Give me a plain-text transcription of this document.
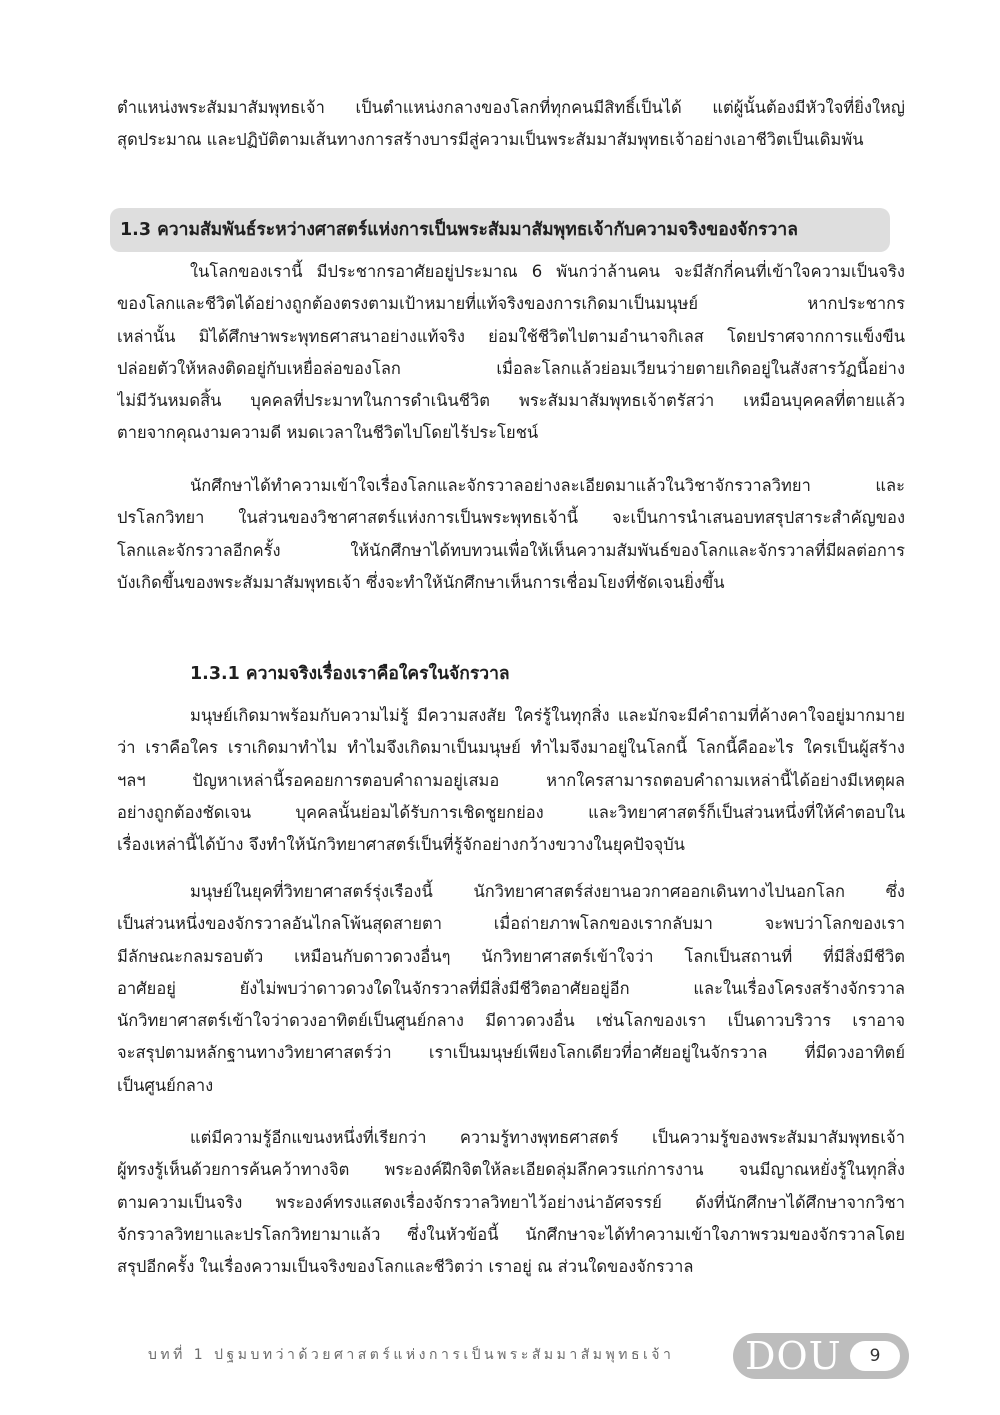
ตำแหน่งพระสัมมาสัมพุทธเจ้า เป็นตำแหน่งกลางของโลกที่ทุกคนมีสิทธิ์เป็นได้ แต่ผู้นั้นต้องมีหัวใจที่ยิ่งใหญ่
สุดประมาณ และปฏิบัติตามเส้นทางการสร้างบารมีสู่ความเป็นพระสัมมาสัมพุทธเจ้าอย่างเอาชีวิตเป็นเดิมพัน
1.3 ความสัมพันธ์ระหว่างศาสตร์แห่งการเป็นพระสัมมาสัมพุทธเจ้ากับความจริงของจักรวาล
ในโลกของเรานี้ มีประชากรอาศัยอยู่ประมาณ 6 พันกว่าล้านคน จะมีสักกี่คนที่เข้าใจความเป็นจริง
ของโลกและชีวิตได้อย่างถูกต้องตรงตามเป้าหมายที่แท้จริงของการเกิดมาเป็นมนุษย์ หากประชากร
เหล่านั้น มิได้ศึกษาพระพุทธศาสนาอย่างแท้จริง ย่อมใช้ชีวิตไปตามอำนาจกิเลส โดยปราศจากการแข็งขืน
ปล่อยตัวให้หลงติดอยู่กับเหยื่อล่อของโลก เมื่อละโลกแล้วย่อมเวียนว่ายตายเกิดอยู่ในสังสารวัฏนี้อย่าง
ไม่มีวันหมดสิ้น บุคคลที่ประมาทในการดำเนินชีวิต พระสัมมาสัมพุทธเจ้าตรัสว่า เหมือนบุคคลที่ตายแล้ว
ตายจากคุณงามความดี หมดเวลาในชีวิตไปโดยไร้ประโยชน์
นักศึกษาได้ทำความเข้าใจเรื่องโลกและจักรวาลอย่างละเอียดมาแล้วในวิชาจักรวาลวิทยา และ
ปรโลกวิทยา ในส่วนของวิชาศาสตร์แห่งการเป็นพระพุทธเจ้านี้ จะเป็นการนำเสนอบทสรุปสาระสำคัญของ
โลกและจักรวาลอีกครั้ง ให้นักศึกษาได้ทบทวนเพื่อให้เห็นความสัมพันธ์ของโลกและจักรวาลที่มีผลต่อการ
บังเกิดขึ้นของพระสัมมาสัมพุทธเจ้า ซึ่งจะทำให้นักศึกษาเห็นการเชื่อมโยงที่ชัดเจนยิ่งขึ้น
1.3.1 ความจริงเรื่องเราคือใครในจักรวาล
มนุษย์เกิดมาพร้อมกับความไม่รู้ มีความสงสัย ใคร่รู้ในทุกสิ่ง และมักจะมีคำถามที่ค้างคาใจอยู่มากมาย
ว่า เราคือใคร เราเกิดมาทำไม ทำไมจึงเกิดมาเป็นมนุษย์ ทำไมจึงมาอยู่ในโลกนี้ โลกนี้คืออะไร ใครเป็นผู้สร้าง
ฯลฯ ปัญหาเหล่านี้รอคอยการตอบคำถามอยู่เสมอ หากใครสามารถตอบคำถามเหล่านี้ได้อย่างมีเหตุผล
อย่างถูกต้องชัดเจน บุคคลนั้นย่อมได้รับการเชิดชูยกย่อง และวิทยาศาสตร์ก็เป็นส่วนหนึ่งที่ให้คำตอบใน
เรื่องเหล่านี้ได้บ้าง จึงทำให้นักวิทยาศาสตร์เป็นที่รู้จักอย่างกว้างขวางในยุคปัจจุบัน
มนุษย์ในยุคที่วิทยาศาสตร์รุ่งเรืองนี้ นักวิทยาศาสตร์ส่งยานอวกาศออกเดินทางไปนอกโลก ซึ่ง
เป็นส่วนหนึ่งของจักรวาลอันไกลโพ้นสุดสายตา เมื่อถ่ายภาพโลกของเรากลับมา จะพบว่าโลกของเรา
มีลักษณะกลมรอบตัว เหมือนกับดาวดวงอื่นๆ นักวิทยาศาสตร์เข้าใจว่า โลกเป็นสถานที่ ที่มีสิ่งมีชีวิต
อาศัยอยู่ ยังไม่พบว่าดาวดวงใดในจักรวาลที่มีสิ่งมีชีวิตอาศัยอยู่อีก และในเรื่องโครงสร้างจักรวาล
นักวิทยาศาสตร์เข้าใจว่าดวงอาทิตย์เป็นศูนย์กลาง มีดาวดวงอื่น เช่นโลกของเรา เป็นดาวบริวาร เราอาจ
จะสรุปตามหลักฐานทางวิทยาศาสตร์ว่า เราเป็นมนุษย์เพียงโลกเดียวที่อาศัยอยู่ในจักรวาล ที่มีดวงอาทิตย์
เป็นศูนย์กลาง
แต่มีความรู้อีกแขนงหนึ่งที่เรียกว่า ความรู้ทางพุทธศาสตร์ เป็นความรู้ของพระสัมมาสัมพุทธเจ้า
ผู้ทรงรู้เห็นด้วยการค้นคว้าทางจิต พระองค์ฝึกจิตให้ละเอียดลุ่มลึกควรแก่การงาน จนมีญาณหยั่งรู้ในทุกสิ่ง
ตามความเป็นจริง พระองค์ทรงแสดงเรื่องจักรวาลวิทยาไว้อย่างน่าอัศจรรย์ ดังที่นักศึกษาได้ศึกษาจากวิชา
จักรวาลวิทยาและปรโลกวิทยามาแล้ว ซึ่งในหัวข้อนี้ นักศึกษาจะได้ทำความเข้าใจภาพรวมของจักรวาลโดย
สรุปอีกครั้ง ในเรื่องความเป็นจริงของโลกและชีวิตว่า เราอยู่ ณ ส่วนใดของจักรวาล
บทที่ 1 ปฐมบทว่าด้วยศาสตร์แห่งการเป็นพระสัมมาสัมพุทธเจ้า DOU	9
